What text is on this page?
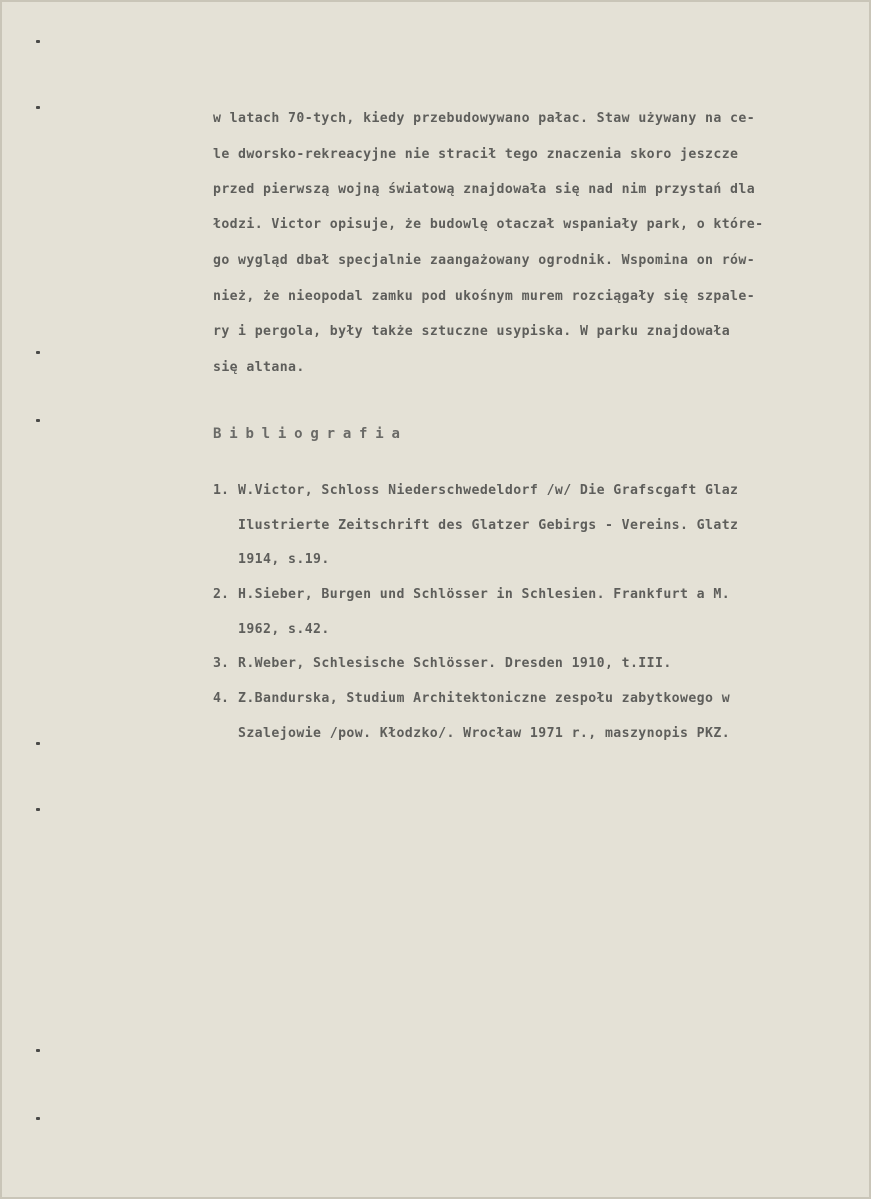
w latach 70-tych, kiedy przebudowywano pałac. Staw używany na ce-
le dworsko-rekreacyjne nie stracił tego znaczenia skoro jeszcze
przed pierwszą wojną światową znajdowała się nad nim przystań dla
łodzi. Victor opisuje, że budowlę otaczał wspaniały park, o które-
go wygląd dbał specjalnie zaangażowany ogrodnik. Wspomina on rów-
nież, że nieopodal zamku pod ukośnym murem rozciągały się szpale-
ry i pergola, były także sztuczne usypiska. W parku znajdowała
się altana.
Bibliografia
1. W.Victor, Schloss Niederschwedeldorf /w/ Die Grafscgaft Glaz
Ilustrierte Zeitschrift des Glatzer Gebirgs - Vereins. Glatz
1914, s.19.
2. H.Sieber, Burgen und Schlösser in Schlesien. Frankfurt a M.
1962, s.42.
3. R.Weber, Schlesische Schlösser. Dresden 1910, t.III.
4. Z.Bandurska, Studium Architektoniczne zespołu zabytkowego w
Szalejowie /pow. Kłodzko/. Wrocław 1971 r., maszynopis PKZ.
